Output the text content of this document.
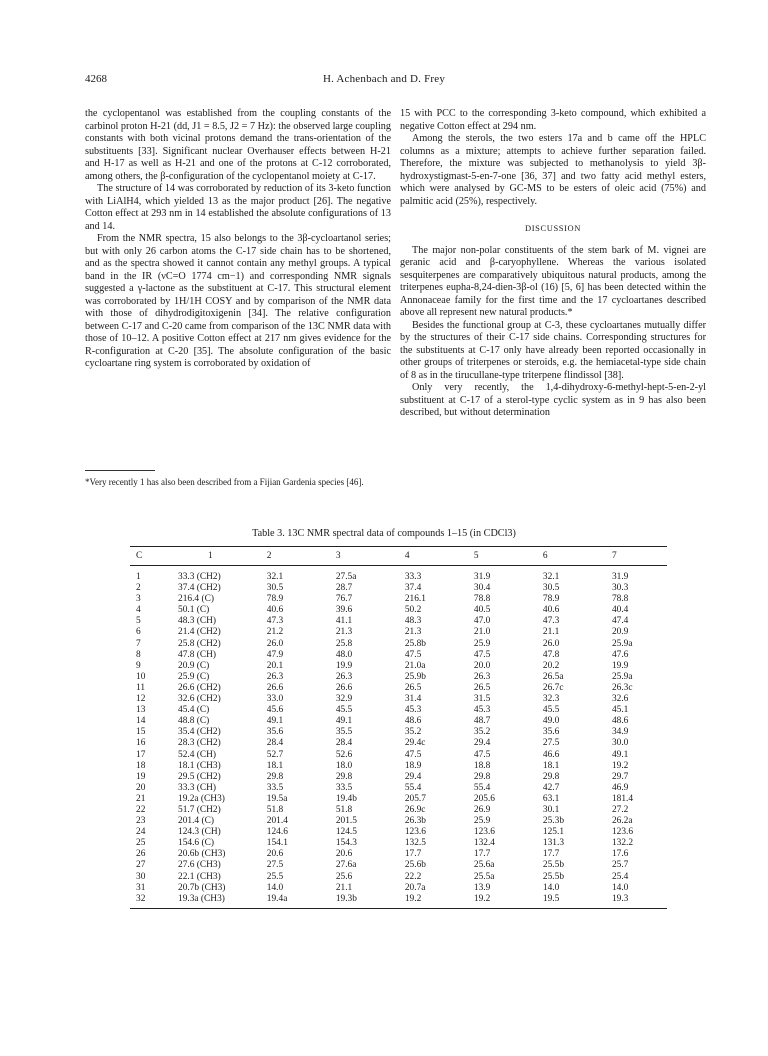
4268	H. Achenbach and D. Frey

the cyclopentanol was established from the coupling constants of the carbinol proton H-21 (dd, J1 = 8.5, J2 = 7 Hz): the observed large coupling constants with both vicinal protons demand the trans-orientation of the substituents [33]. Significant nuclear Overhauser effects between H-21 and H-17 as well as H-21 and one of the protons at C-12 corroborated, among others, the β-configuration of the cyclopentanol moiety at C-17.

The structure of 14 was corroborated by reduction of its 3-keto function with LiAlH4, which yielded 13 as the major product [26]. The negative Cotton effect at 293 nm in 14 established the absolute configurations of 13 and 14.

From the NMR spectra, 15 also belongs to the 3β-cycloartanol series; but with only 26 carbon atoms the C-17 side chain has to be shortened, and as the spectra showed it cannot contain any methyl groups. A typical band in the IR (νC=O 1774 cm−1) and corresponding NMR signals suggested a γ-lactone as the substituent at C-17. This structural element was corroborated by 1H/1H COSY and by comparison of the NMR data with those of dihydrodigitoxigenin [34]. The relative configuration between C-17 and C-20 came from comparison of the 13C NMR data with those of 10–12. A positive Cotton effect at 217 nm gives evidence for the R-configuration at C-20 [35]. The absolute configuration of the basic cycloartane ring system is corroborated by oxidation of

*Very recently 1 has also been described from a Fijian Gardenia species [46].

15 with PCC to the corresponding 3-keto compound, which exhibited a negative Cotton effect at 294 nm.

Among the sterols, the two esters 17a and b came off the HPLC columns as a mixture; attempts to achieve further separation failed. Therefore, the mixture was subjected to methanolysis to yield 3β-hydroxystigmast-5-en-7-one [36, 37] and two fatty acid methyl esters, which were analysed by GC-MS to be esters of oleic acid (75%) and palmitic acid (25%), respectively.

DISCUSSION

The major non-polar constituents of the stem bark of M. vignei are geranic acid and β-caryophyllene. Whereas the various isolated sesquiterpenes are comparatively ubiquitous natural products, among the triterpenes eupha-8,24-dien-3β-ol (16) [5, 6] has been detected within the Annonaceae family for the first time and the 17 cycloartanes described above all represent new natural products.*

Besides the functional group at C-3, these cycloartanes mutually differ by the structures of their C-17 side chains. Corresponding structures for the substituents at C-17 only have already been reported occasionally in other groups of triterpenes or steroids, e.g. the hemiacetal-type side chain of 8 as in the tirucullane-type triterpene flindissol [38].

Only very recently, the 1,4-dihydroxy-6-methyl-hept-5-en-2-yl substituent at C-17 of a sterol-type cyclic system as in 9 has also been described, but without determination

Table 3. 13C NMR spectral data of compounds 1–15 (in CDCl3)
C	1	2	3	4	5	6	7
1	33.3 (CH2)	32.1	27.5a	33.3	31.9	32.1	31.9
2	37.4 (CH2)	30.5	28.7	37.4	30.4	30.5	30.3
3	216.4 (C)	78.9	76.7	216.1	78.8	78.9	78.8
4	50.1 (C)	40.6	39.6	50.2	40.5	40.6	40.4
5	48.3 (CH)	47.3	41.1	48.3	47.0	47.3	47.4
6	21.4 (CH2)	21.2	21.3	21.3	21.0	21.1	20.9
7	25.8 (CH2)	26.0	25.8	25.8b	25.9	26.0	25.9a
8	47.8 (CH)	47.9	48.0	47.5	47.5	47.8	47.6
9	20.9 (C)	20.1	19.9	21.0a	20.0	20.2	19.9
10	25.9 (C)	26.3	26.3	25.9b	26.3	26.5a	25.9a
11	26.6 (CH2)	26.6	26.6	26.5	26.5	26.7c	26.3c
12	32.6 (CH2)	33.0	32.9	31.4	31.5	32.3	32.6
13	45.4 (C)	45.6	45.5	45.3	45.3	45.5	45.1
14	48.8 (C)	49.1	49.1	48.6	48.7	49.0	48.6
15	35.4 (CH2)	35.6	35.5	35.2	35.2	35.6	34.9
16	28.3 (CH2)	28.4	28.4	29.4c	29.4	27.5	30.0
17	52.4 (CH)	52.7	52.6	47.5	47.5	46.6	49.1
18	18.1 (CH3)	18.1	18.0	18.9	18.8	18.1	19.2
19	29.5 (CH2)	29.8	29.8	29.4	29.8	29.8	29.7
20	33.3 (CH)	33.5	33.5	55.4	55.4	42.7	46.9
21	19.2a (CH3)	19.5a	19.4b	205.7	205.6	63.1	181.4
22	51.7 (CH2)	51.8	51.8	26.9c	26.9	30.1	27.2
23	201.4 (C)	201.4	201.5	26.3b	25.9	25.3b	26.2a
24	124.3 (CH)	124.6	124.5	123.6	123.6	125.1	123.6
25	154.6 (C)	154.1	154.3	132.5	132.4	131.3	132.2
26	20.6b (CH3)	20.6	20.6	17.7	17.7	17.7	17.6
27	27.6 (CH3)	27.5	27.6a	25.6b	25.6a	25.5b	25.7
30	22.1 (CH3)	25.5	25.6	22.2	25.5a	25.5b	25.4
31	20.7b (CH3)	14.0	21.1	20.7a	13.9	14.0	14.0
32	19.3a (CH3)	19.4a	19.3b	19.2	19.2	19.5	19.3
